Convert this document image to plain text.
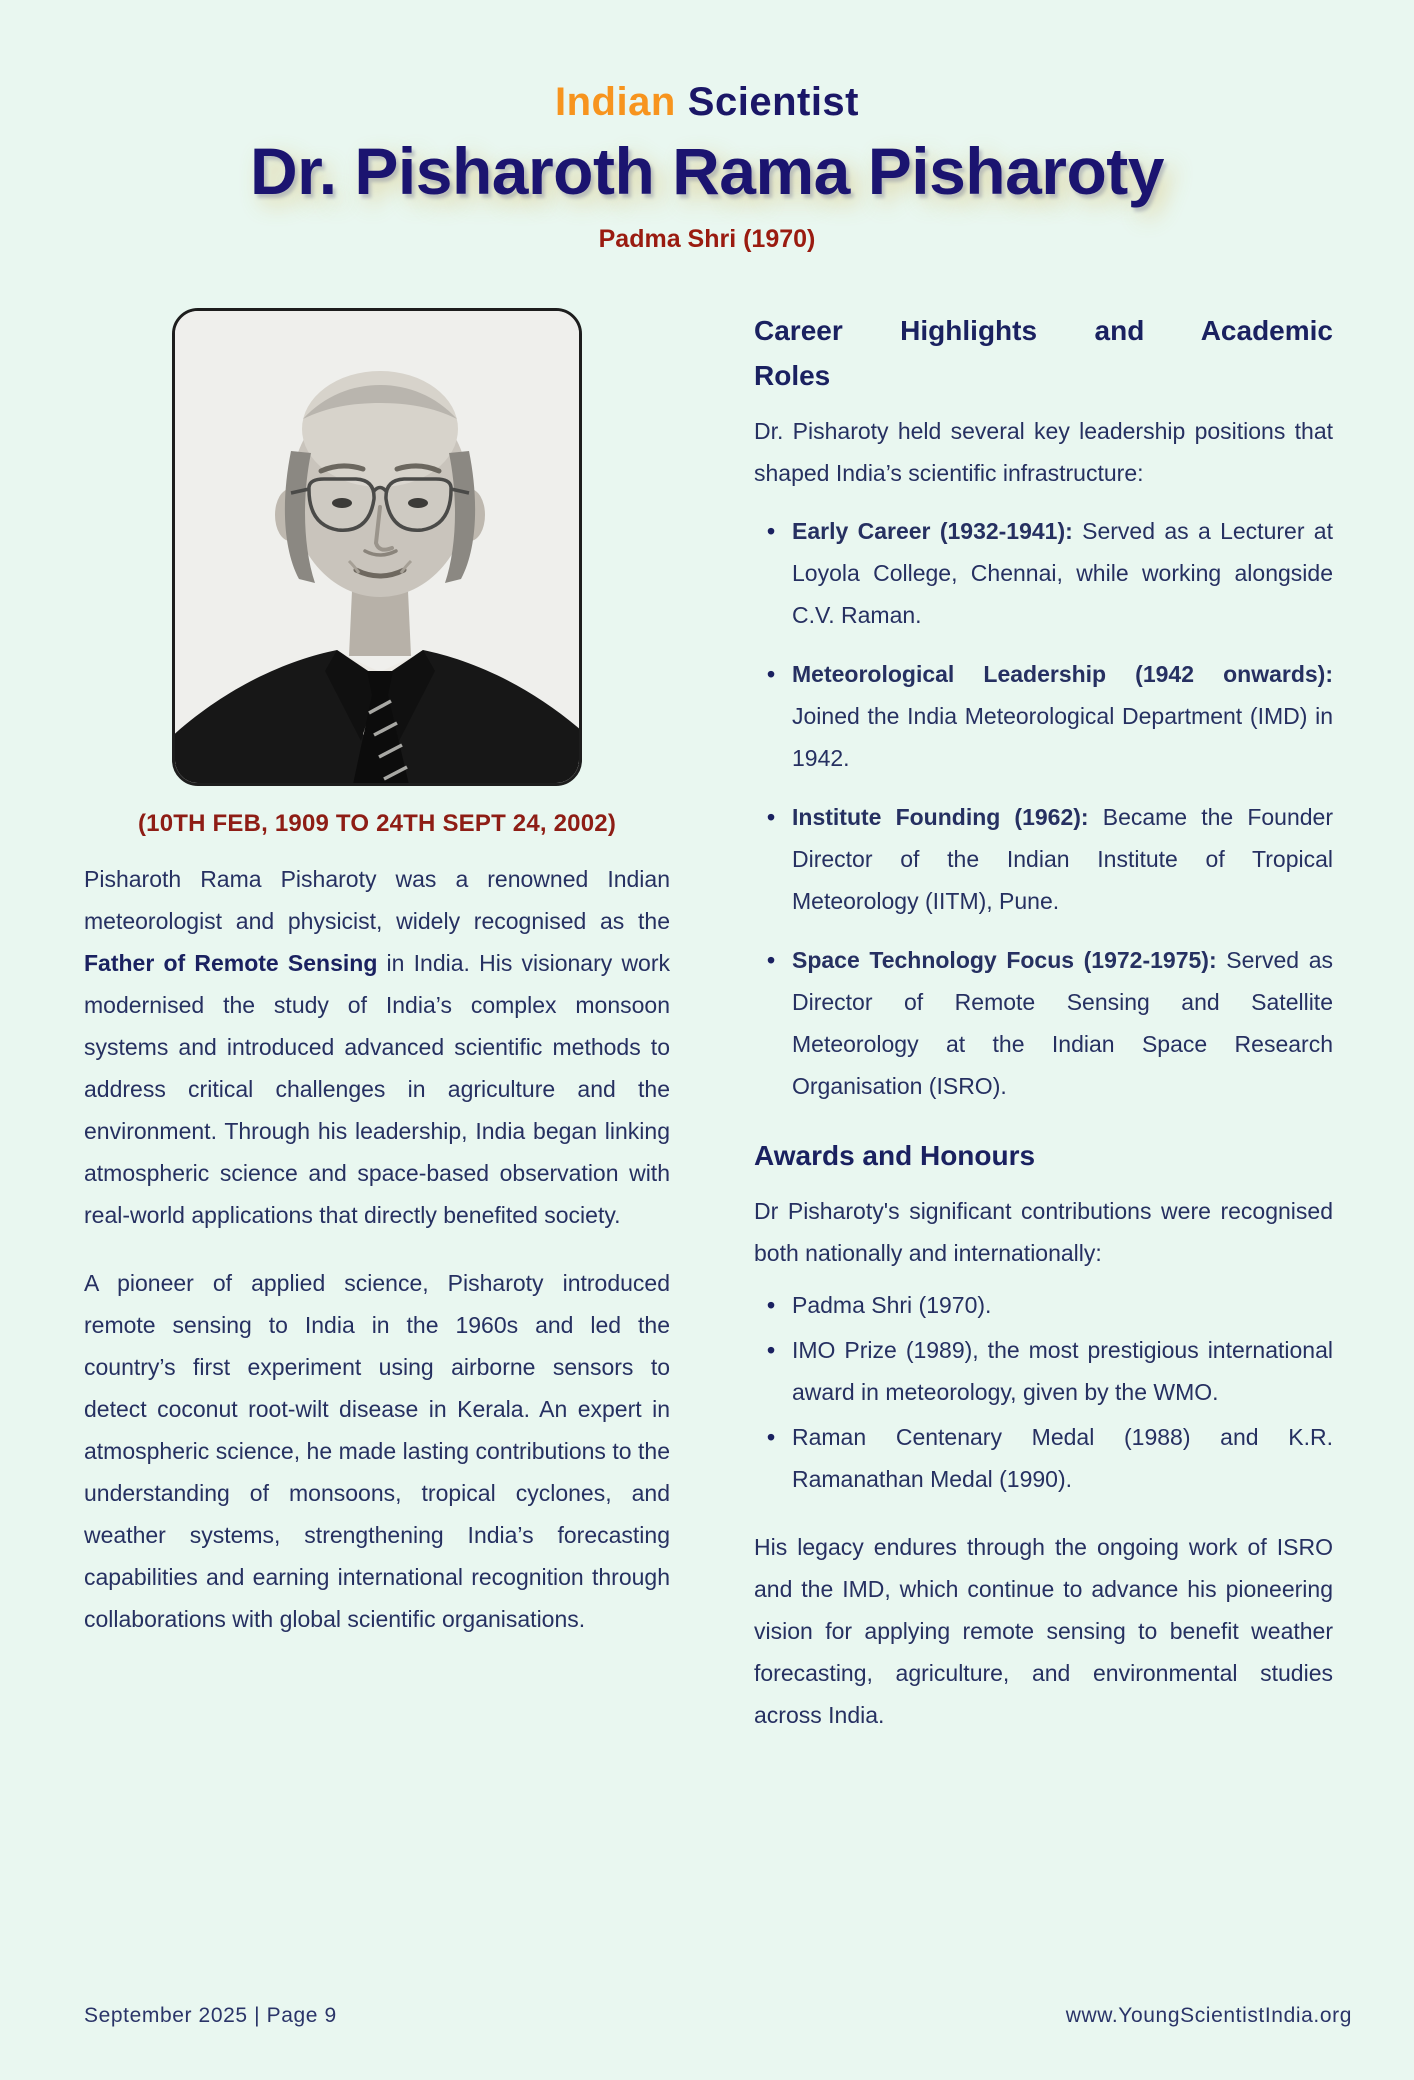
Indian Scientist
Dr. Pisharoth Rama Pisharoty
Padma Shri (1970)
(10TH FEB, 1909 TO 24TH SEPT 24, 2002)

Pisharoth Rama Pisharoty was a renowned Indian meteorologist and physicist, widely recognised as the Father of Remote Sensing in India. His visionary work modernised the study of India’s complex monsoon systems and introduced advanced scientific methods to address critical challenges in agriculture and the environment. Through his leadership, India began linking atmospheric science and space-based observation with real-world applications that directly benefited society.

A pioneer of applied science, Pisharoty introduced remote sensing to India in the 1960s and led the country’s first experiment using airborne sensors to detect coconut root-wilt disease in Kerala. An expert in atmospheric science, he made lasting contributions to the understanding of monsoons, tropical cyclones, and weather systems, strengthening India’s forecasting capabilities and earning international recognition through collaborations with global scientific organisations.

Career Highlights and Academic
Roles

Dr. Pisharoty held several key leadership positions that shaped India’s scientific infrastructure:

• Early Career (1932-1941): Served as a Lecturer at Loyola College, Chennai, while working alongside C.V. Raman.
• Meteorological Leadership (1942 onwards): Joined the India Meteorological Department (IMD) in 1942.
• Institute Founding (1962): Became the Founder Director of the Indian Institute of Tropical Meteorology (IITM), Pune.
• Space Technology Focus (1972-1975): Served as Director of Remote Sensing and Satellite Meteorology at the Indian Space Research Organisation (ISRO).
Awards and Honours

Dr Pisharoty's significant contributions were recognised both nationally and internationally:

• Padma Shri (1970).
• IMO Prize (1989), the most prestigious international award in meteorology, given by the WMO.
• Raman Centenary Medal (1988) and K.R. Ramanathan Medal (1990).

His legacy endures through the ongoing work of ISRO and the IMD, which continue to advance his pioneering vision for applying remote sensing to benefit weather forecasting, agriculture, and environmental studies across India.

September 2025 | Page 9	www.YoungScientistIndia.org
